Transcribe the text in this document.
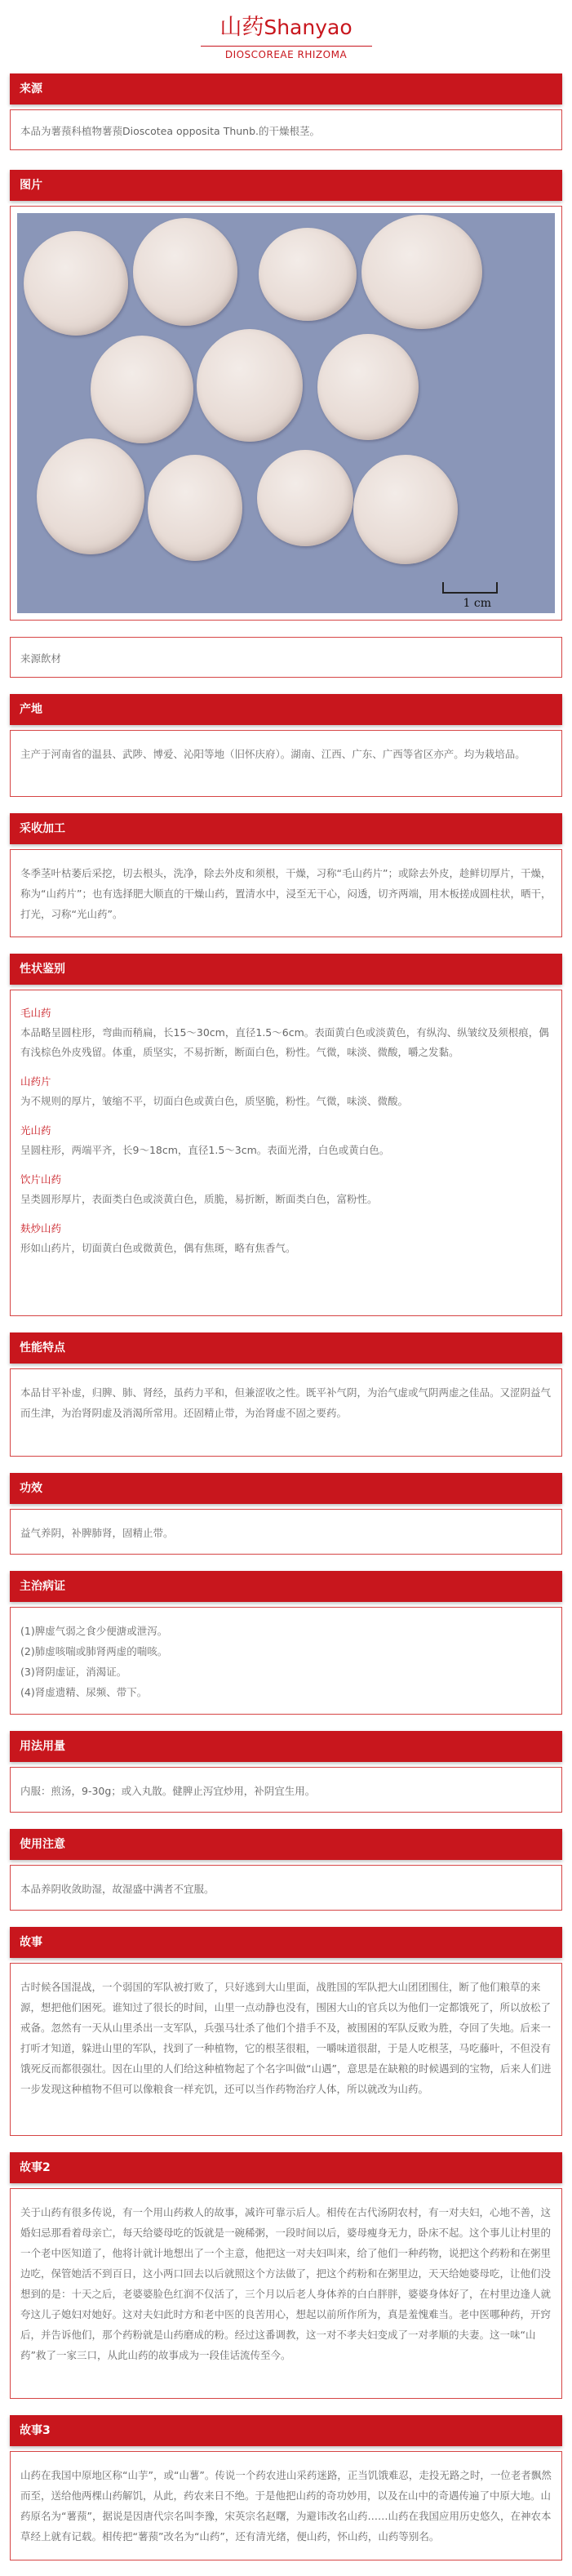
山药Shanyao
DIOSCOREAE RHIZOMA
来源
本品为薯蓣科植物薯蓣Dioscotea opposita Thunb.的干燥根茎。
图片
1 cm
来源飲材
产地
主产于河南省的温县、武陟、博爱、沁阳等地（旧怀庆府）。湖南、江西、广东、广西等省区亦产。均为栽培品。
采收加工
冬季茎叶枯萎后采挖，切去根头，洗净，除去外皮和须根，干燥，习称“毛山药片”；或除去外皮，趁鲜切厚片，干燥，称为“山药片”；也有选择肥大顺直的干燥山药，置清水中，浸至无干心，闷透，切齐两端，用木板搓成圆柱状，晒干，打光，习称“光山药”。
性状鉴别
毛山药
本品略呈圆柱形，弯曲而稍扁，长15～30cm，直径1.5～6cm。表面黄白色或淡黄色，有纵沟、纵皱纹及须根痕，偶有浅棕色外皮残留。体重，质坚实，不易折断，断面白色，粉性。气微，味淡、微酸，嚼之发黏。
山药片
为不规则的厚片，皱缩不平，切面白色或黄白色，质坚脆，粉性。气微，味淡、微酸。
光山药
呈圆柱形，两端平齐，长9～18cm，直径1.5～3cm。表面光滑，白色或黄白色。
饮片山药
呈类圆形厚片，表面类白色或淡黄白色，质脆，易折断，断面类白色，富粉性。
麸炒山药
形如山药片，切面黄白色或微黄色，偶有焦斑，略有焦香气。
性能特点
本品甘平补虚，归脾、肺、肾经，虽药力平和，但兼涩收之性。既平补气阴，为治气虚或气阴两虚之佳品。又涩阴益气而生津，为治肾阴虚及消渴所常用。还固精止带，为治肾虚不固之要药。
功效
益气养阴，补脾肺肾，固精止带。
主治病证
(1)脾虚气弱之食少便溏或泄泻。
(2)肺虚咳喘或肺肾两虚的喘咳。
(3)肾阴虚证，消渴证。
(4)肾虚遗精、尿频、带下。
用法用量
内服：煎汤，9-30g；或入丸散。健脾止泻宜炒用，补阴宜生用。
使用注意
本品养阴收敛助湿，故湿盛中满者不宜服。
故事
古时候各国混战，一个弱国的军队被打败了，只好逃到大山里面，战胜国的军队把大山团团围住，断了他们粮草的来源，想把他们困死。谁知过了很长的时间，山里一点动静也没有，围困大山的官兵以为他们一定都饿死了，所以放松了戒备。忽然有一天从山里杀出一支军队，兵强马壮杀了他们个措手不及，被围困的军队反败为胜，夺回了失地。后来一打听才知道，躲进山里的军队，找到了一种植物，它的根茎很粗，一嚼味道很甜，于是人吃根茎，马吃藤叶，不但没有饿死反而都很强壮。因在山里的人们给这种植物起了个名字叫做“山遇”，意思是在缺粮的时候遇到的宝物，后来人们进一步发现这种植物不但可以像粮食一样充饥，还可以当作药物治疗人体，所以就改为山药。
故事2
关于山药有很多传说，有一个用山药救人的故事，减许可靠示后人。相传在古代汤阴农村，有一对夫妇，心地不善，这婚妇忌那看着母亲亡，每天给婆母吃的饭就是一碗稀粥，一段时间以后，婆母瘦身无力，卧床不起。这个事儿让村里的一个老中医知道了，他将计就计地想出了一个主意，他把这一对夫妇叫来，给了他们一种药物，说把这个药粉和在粥里边吃，保管她活不到百日，这小两口回去以后就照这个方法做了，把这个药粉和在粥里边，天天给她婆母吃，让他们没想到的是：十天之后，老婆婆脸色红润不仅活了，三个月以后老人身体养的白白胖胖，婆婆身体好了，在村里边逢人就夸这儿子媳妇对她好。这对夫妇此时方和老中医的良苦用心，想起以前所作所为，真是羞愧难当。老中医哪种药，开窍后，并告诉他们，那个药粉就是山药磨成的粉。经过这番调教，这一对不孝夫妇变成了一对孝顺的夫妻。这一味“山药”救了一家三口，从此山药的故事成为一段佳话流传至今。
故事3
山药在我国中原地区称“山芋”，或“山薯”。传说一个药农进山采药迷路，正当饥饿难忍，走投无路之时，一位老者飘然而至，送给他两棵山药解饥，从此，药农来日不绝。于是他把山药的奇功妙用，以及在山中的奇遇传遍了中原大地。山药原名为“薯蓣”，据说是因唐代宗名叫李豫，宋英宗名赵曙，为避讳改名山药……山药在我国应用历史悠久，在神农本草经上就有记载。相传把“薯蓣”改名为“山药”，还有清光绪，便山药，怀山药，山药等别名。
